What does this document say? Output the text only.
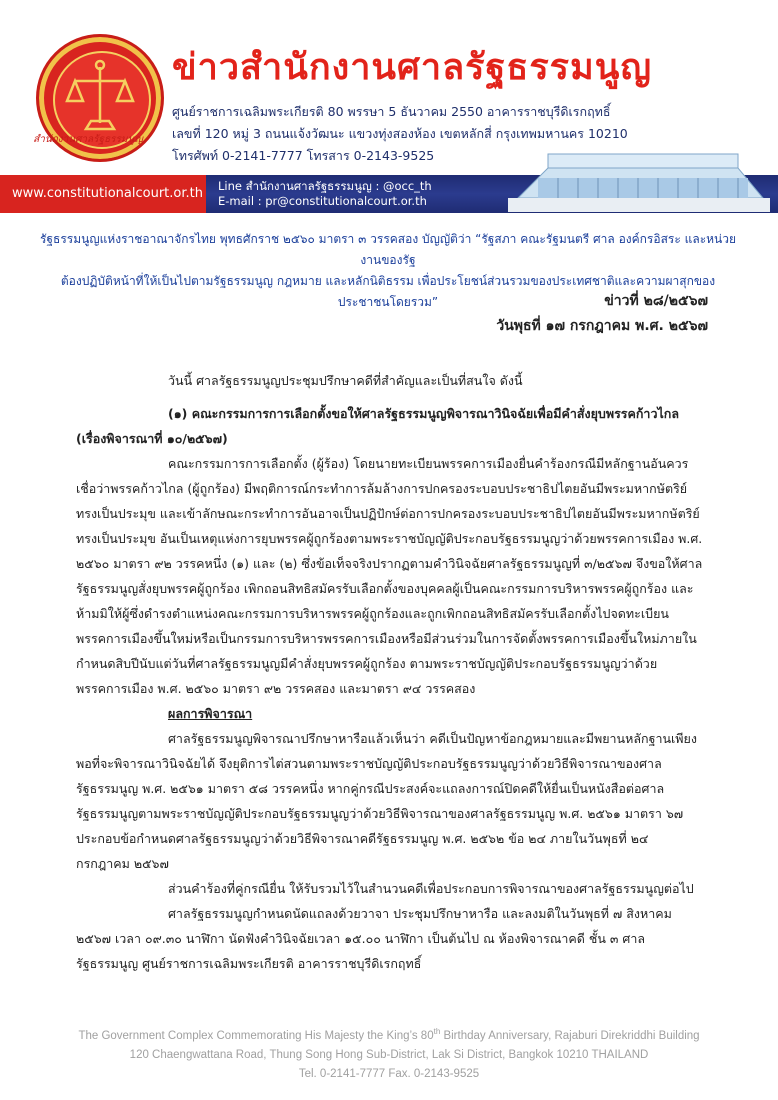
สำนักงานศาลรัฐธรรมนูญ
ข่าวสำนักงานศาลรัฐธรรมนูญ
ศูนย์ราชการเฉลิมพระเกียรติ 80 พรรษา 5 ธันวาคม 2550 อาคารราชบุรีดิเรกฤทธิ์
เลขที่ 120 หมู่ 3 ถนนแจ้งวัฒนะ แขวงทุ่งสองห้อง เขตหลักสี่ กรุงเทพมหานคร 10210
โทรศัพท์ 0-2141-7777 โทรสาร 0-2143-9525
www.constitutionalcourt.or.th Line สำนักงานศาลรัฐธรรมนูญ : @occ_th
E-mail : pr@constitutionalcourt.or.th
รัฐธรรมนูญแห่งราชอาณาจักรไทย พุทธศักราช ๒๕๖๐ มาตรา ๓ วรรคสอง บัญญัติว่า “รัฐสภา คณะรัฐมนตรี ศาล องค์กรอิสระ และหน่วยงานของรัฐ
ต้องปฏิบัติหน้าที่ให้เป็นไปตามรัฐธรรมนูญ กฎหมาย และหลักนิติธรรม เพื่อประโยชน์ส่วนรวมของประเทศชาติและความผาสุกของประชาชนโดยรวม”	ข่าวที่ ๒๘/๒๕๖๗
วันพุธที่ ๑๗ กรกฎาคม พ.ศ. ๒๕๖๗

วันนี้ ศาลรัฐธรรมนูญประชุมปรึกษาคดีที่สำคัญและเป็นที่สนใจ ดังนี้

(๑) คณะกรรมการการเลือกตั้งขอให้ศาลรัฐธรรมนูญพิจารณาวินิจฉัยเพื่อมีคำสั่งยุบพรรคก้าวไกล

(เรื่องพิจารณาที่ ๑๐/๒๕๖๗)

คณะกรรมการการเลือกตั้ง (ผู้ร้อง) โดยนายทะเบียนพรรคการเมืองยื่นคำร้องกรณีมีหลักฐานอันควรเชื่อว่าพรรคก้าวไกล (ผู้ถูกร้อง) มีพฤติการณ์กระทำการล้มล้างการปกครองระบอบประชาธิปไตยอันมีพระมหากษัตริย์ทรงเป็นประมุข และเข้าลักษณะกระทำการอันอาจเป็นปฏิปักษ์ต่อการปกครองระบอบประชาธิปไตยอันมีพระมหากษัตริย์ทรงเป็นประมุข อันเป็นเหตุแห่งการยุบพรรคผู้ถูกร้องตามพระราชบัญญัติประกอบรัฐธรรมนูญว่าด้วยพรรคการเมือง พ.ศ. ๒๕๖๐ มาตรา ๙๒ วรรคหนึ่ง (๑) และ (๒) ซึ่งข้อเท็จจริงปรากฏตามคำวินิจฉัยศาลรัฐธรรมนูญที่ ๓/๒๕๖๗ จึงขอให้ศาลรัฐธรรมนูญสั่งยุบพรรคผู้ถูกร้อง เพิกถอนสิทธิสมัครรับเลือกตั้งของบุคคลผู้เป็นคณะกรรมการบริหารพรรคผู้ถูกร้อง และห้ามมิให้ผู้ซึ่งดำรงตำแหน่งคณะกรรมการบริหารพรรคผู้ถูกร้องและถูกเพิกถอนสิทธิสมัครรับเลือกตั้งไปจดทะเบียนพรรคการเมืองขึ้นใหม่หรือเป็นกรรมการบริหารพรรคการเมืองหรือมีส่วนร่วมในการจัดตั้งพรรคการเมืองขึ้นใหม่ภายในกำหนดสิบปีนับแต่วันที่ศาลรัฐธรรมนูญมีคำสั่งยุบพรรคผู้ถูกร้อง ตามพระราชบัญญัติประกอบรัฐธรรมนูญว่าด้วยพรรคการเมือง พ.ศ. ๒๕๖๐ มาตรา ๙๒ วรรคสอง และมาตรา ๙๔ วรรคสอง

ผลการพิจารณา

ศาลรัฐธรรมนูญพิจารณาปรึกษาหารือแล้วเห็นว่า คดีเป็นปัญหาข้อกฎหมายและมีพยานหลักฐานเพียงพอที่จะพิจารณาวินิจฉัยได้ จึงยุติการไต่สวนตามพระราชบัญญัติประกอบรัฐธรรมนูญว่าด้วยวิธีพิจารณาของศาลรัฐธรรมนูญ พ.ศ. ๒๕๖๑ มาตรา ๕๘ วรรคหนึ่ง หากคู่กรณีประสงค์จะแถลงการณ์ปิดคดีให้ยื่นเป็นหนังสือต่อศาลรัฐธรรมนูญตามพระราชบัญญัติประกอบรัฐธรรมนูญว่าด้วยวิธีพิจารณาของศาลรัฐธรรมนูญ พ.ศ. ๒๕๖๑ มาตรา ๖๗ ประกอบข้อกำหนดศาลรัฐธรรมนูญว่าด้วยวิธีพิจารณาคดีรัฐธรรมนูญ พ.ศ. ๒๕๖๒ ข้อ ๒๔ ภายในวันพุธที่ ๒๔ กรกฎาคม ๒๕๖๗

ส่วนคำร้องที่คู่กรณียื่น ให้รับรวมไว้ในสำนวนคดีเพื่อประกอบการพิจารณาของศาลรัฐธรรมนูญต่อไป

ศาลรัฐธรรมนูญกำหนดนัดแถลงด้วยวาจา ประชุมปรึกษาหารือ และลงมติในวันพุธที่ ๗ สิงหาคม ๒๕๖๗ เวลา ๐๙.๓๐ นาฬิกา นัดฟังคำวินิจฉัยเวลา ๑๕.๐๐ นาฬิกา เป็นต้นไป ณ ห้องพิจารณาคดี ชั้น ๓ ศาลรัฐธรรมนูญ ศูนย์ราชการเฉลิมพระเกียรติ อาคารราชบุรีดิเรกฤทธิ์

The Government Complex Commemorating His Majesty the King’s 80th Birthday Anniversary, Rajaburi Direkriddhi Building
120 Chaengwattana Road, Thung Song Hong Sub-District, Lak Si District, Bangkok 10210 THAILAND
Tel. 0-2141-7777 Fax. 0-2143-9525
